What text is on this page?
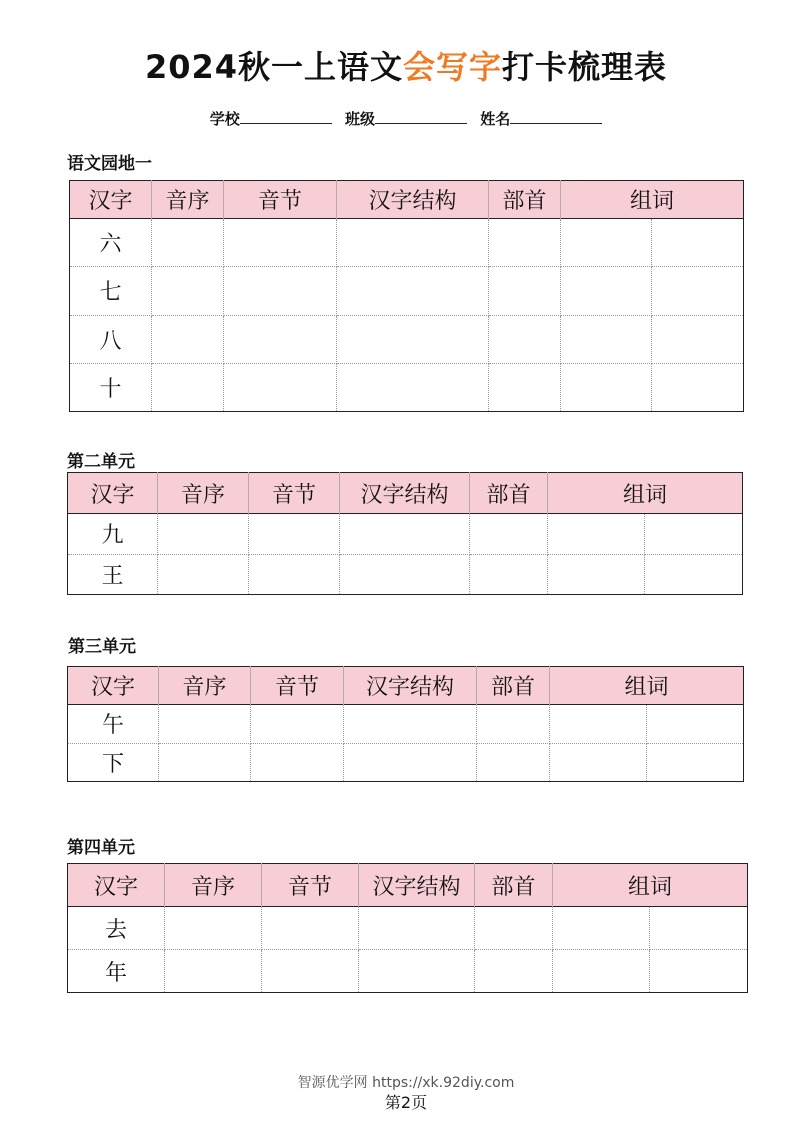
2024秋一上语文会写字打卡梳理表
学校	班级	姓名
语文园地一
汉字	音序	音节	汉字结构	部首	组词	
六						
七						
八						
十						
第二单元
汉字	音序	音节	汉字结构	部首	组词	
九						
王						
第三单元
汉字	音序	音节	汉字结构	部首	组词	
午						
下						
第四单元
汉字	音序	音节	汉字结构	部首	组词	
去						
年						
智源优学网 https://xk.92diy.com
第2页
